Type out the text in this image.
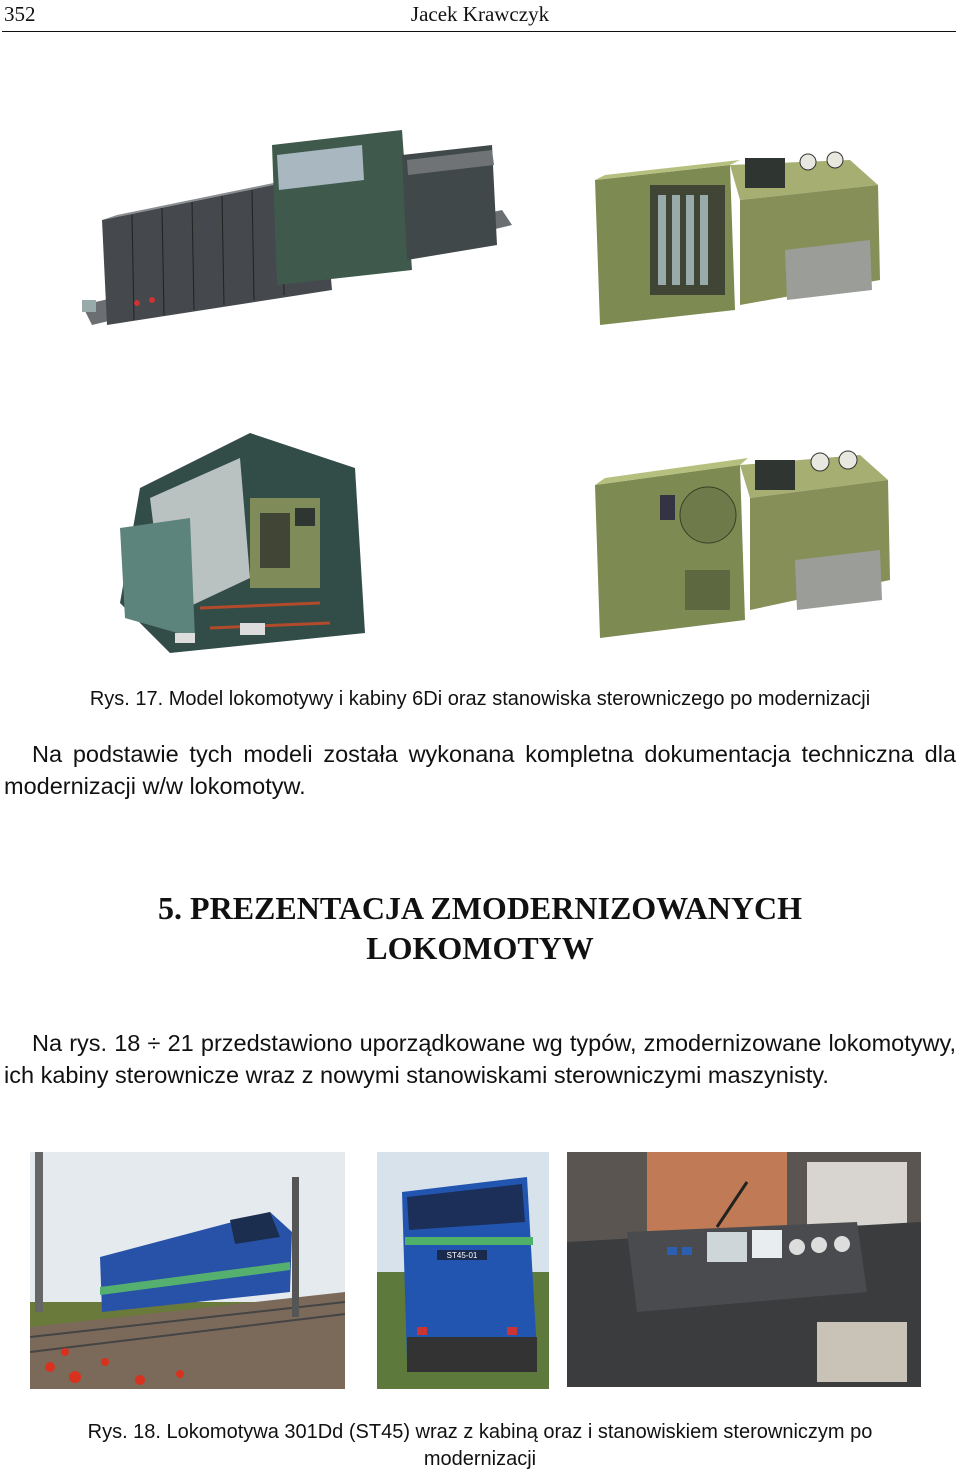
352	Jacek Krawczyk
Rys. 17. Model lokomotywy i kabiny 6Di oraz stanowiska sterowniczego po modernizacji
Na podstawie tych modeli została wykonana kompletna dokumentacja techniczna dla modernizacji w/w lokomotyw.
5. PREZENTACJA ZMODERNIZOWANYCH
LOKOMOTYW
Na rys. 18 ÷ 21 przedstawiono uporządkowane wg typów, zmodernizowane lokomotywy, ich kabiny sterownicze wraz z nowymi stanowiskami sterowniczymi maszynisty.
ST45-01
Rys. 18. Lokomotywa 301Dd (ST45) wraz z kabiną oraz i stanowiskiem sterowniczym po
modernizacji
